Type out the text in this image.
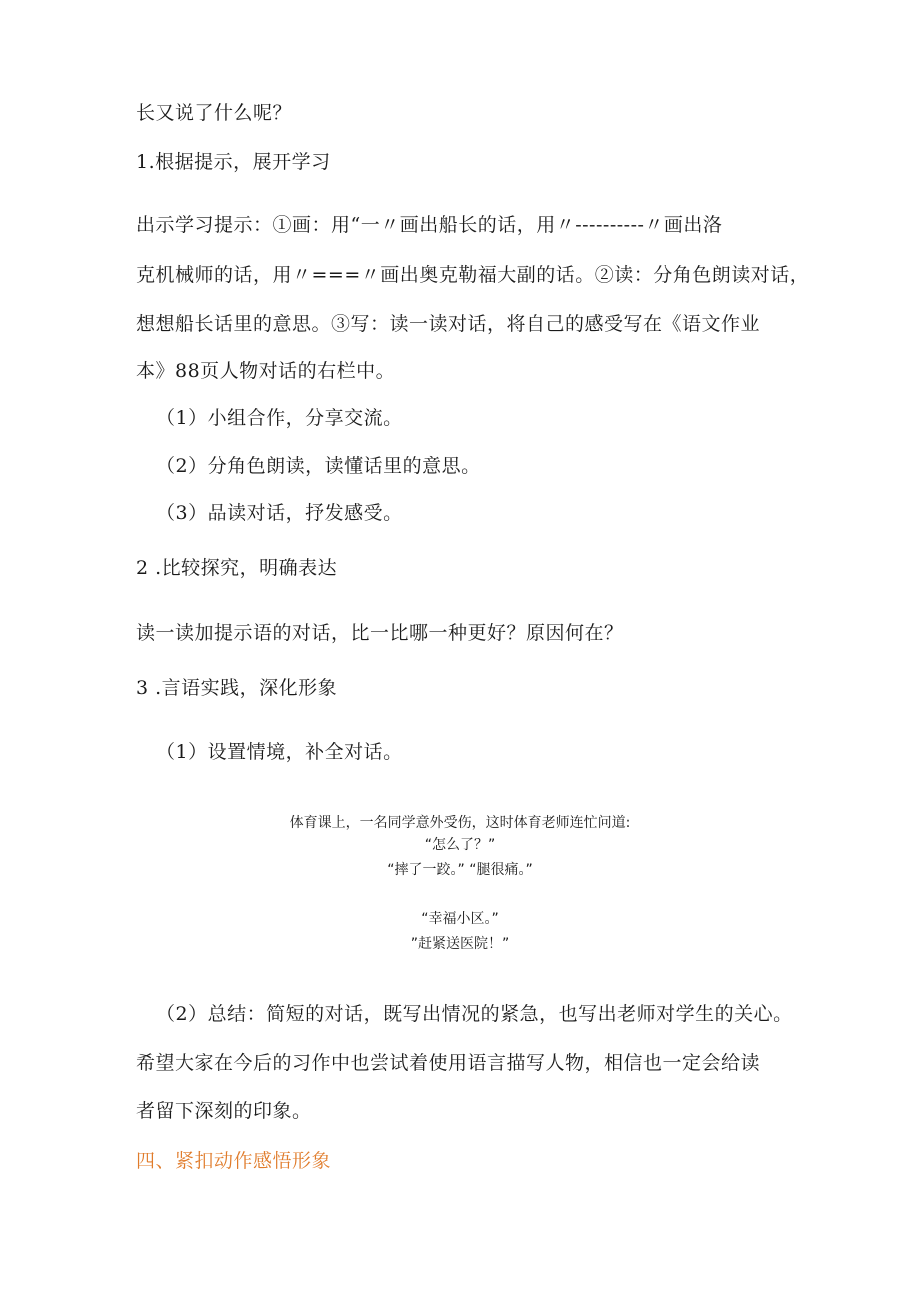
长又说了什么呢？
1.根据提示，展开学习
出示学习提示：①画：用“一〃画出船长的话，用〃----------〃画出洛
克机械师的话，用〃===〃画出奥克勒福大副的话。②读：分角色朗读对话，
想想船长话里的意思。③写：读一读对话，将自己的感受写在《语文作业
本》88页人物对话的右栏中。
（1）小组合作，分享交流。
（2）分角色朗读，读懂话里的意思。
（3）品读对话，抒发感受。
2 .比较探究，明确表达
读一读加提示语的对话，比一比哪一种更好？原因何在？
3 .言语实践，深化形象
（1）设置情境，补全对话。
体育课上，一名同学意外受伤，这时体育老师连忙问道:
“怎么了？”
“摔了一跤。” “腿很痛。”
“幸福小区。”
”赶紧送医院！”
（2）总结：简短的对话，既写出情况的紧急，也写出老师对学生的关心。
希望大家在今后的习作中也尝试着使用语言描写人物，相信也一定会给读
者留下深刻的印象。
四、紧扣动作感悟形象
